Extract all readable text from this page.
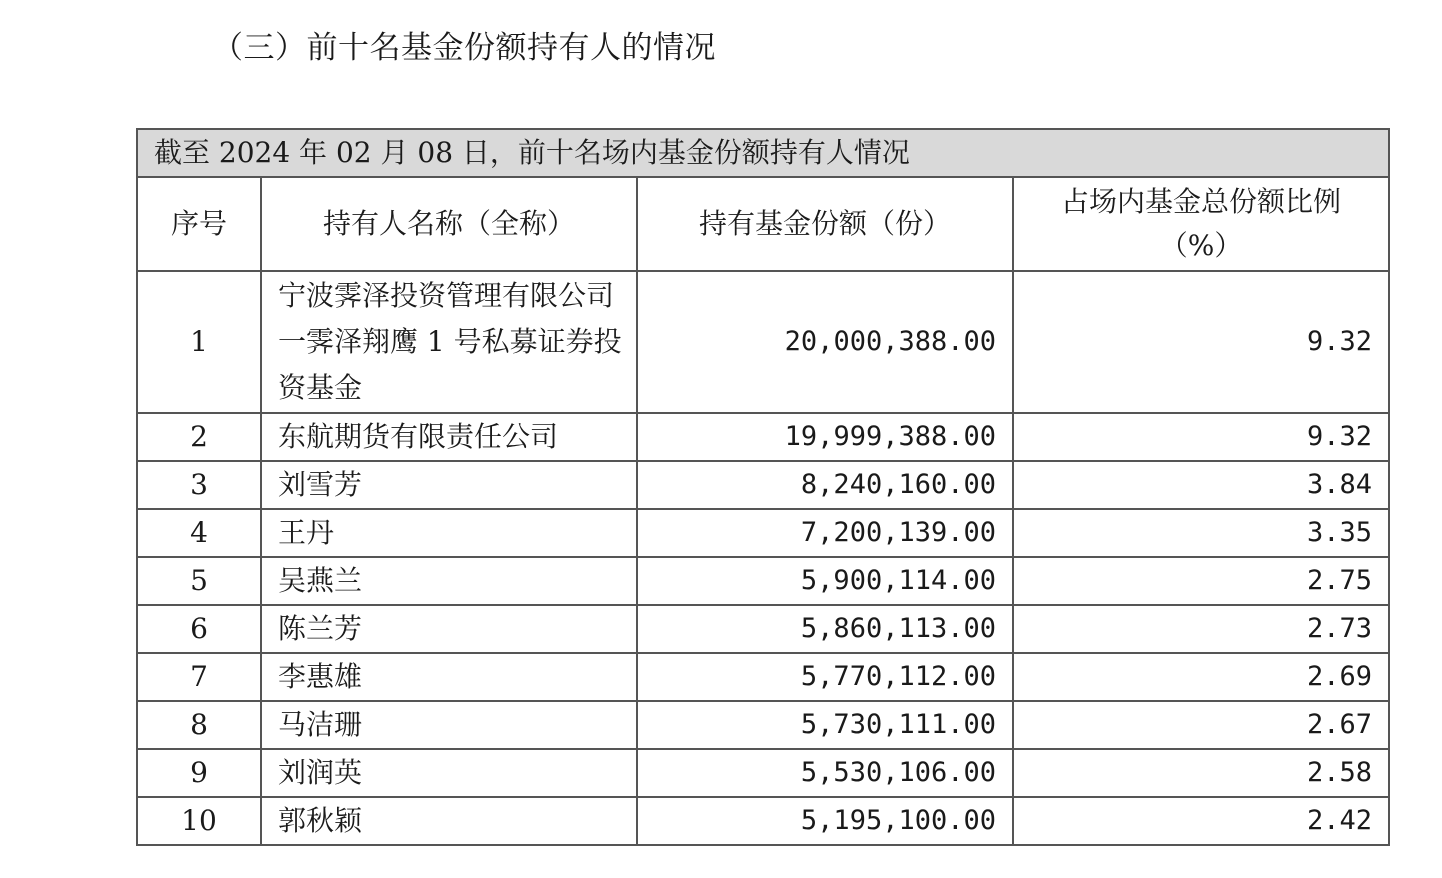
（三）前十名基金份额持有人的情况
截至 2024 年 02 月 08 日，前十名场内基金份额持有人情况			
序号	持有人名称（全称）	持有基金份额（份）	占场内基金总份额比例
（%）

1	宁波霁泽投资管理有限公司一霁泽翔鹰 1 号私募证券投资基金	20,000,388.00	9.32
2	东航期货有限责任公司	19,999,388.00	9.32
3	刘雪芳	8,240,160.00	3.84
4	王丹	7,200,139.00	3.35
5	吴燕兰	5,900,114.00	2.75
6	陈兰芳	5,860,113.00	2.73
7	李惠雄	5,770,112.00	2.69
8	马洁珊	5,730,111.00	2.67
9	刘润英	5,530,106.00	2.58
10	郭秋颖	5,195,100.00	2.42
